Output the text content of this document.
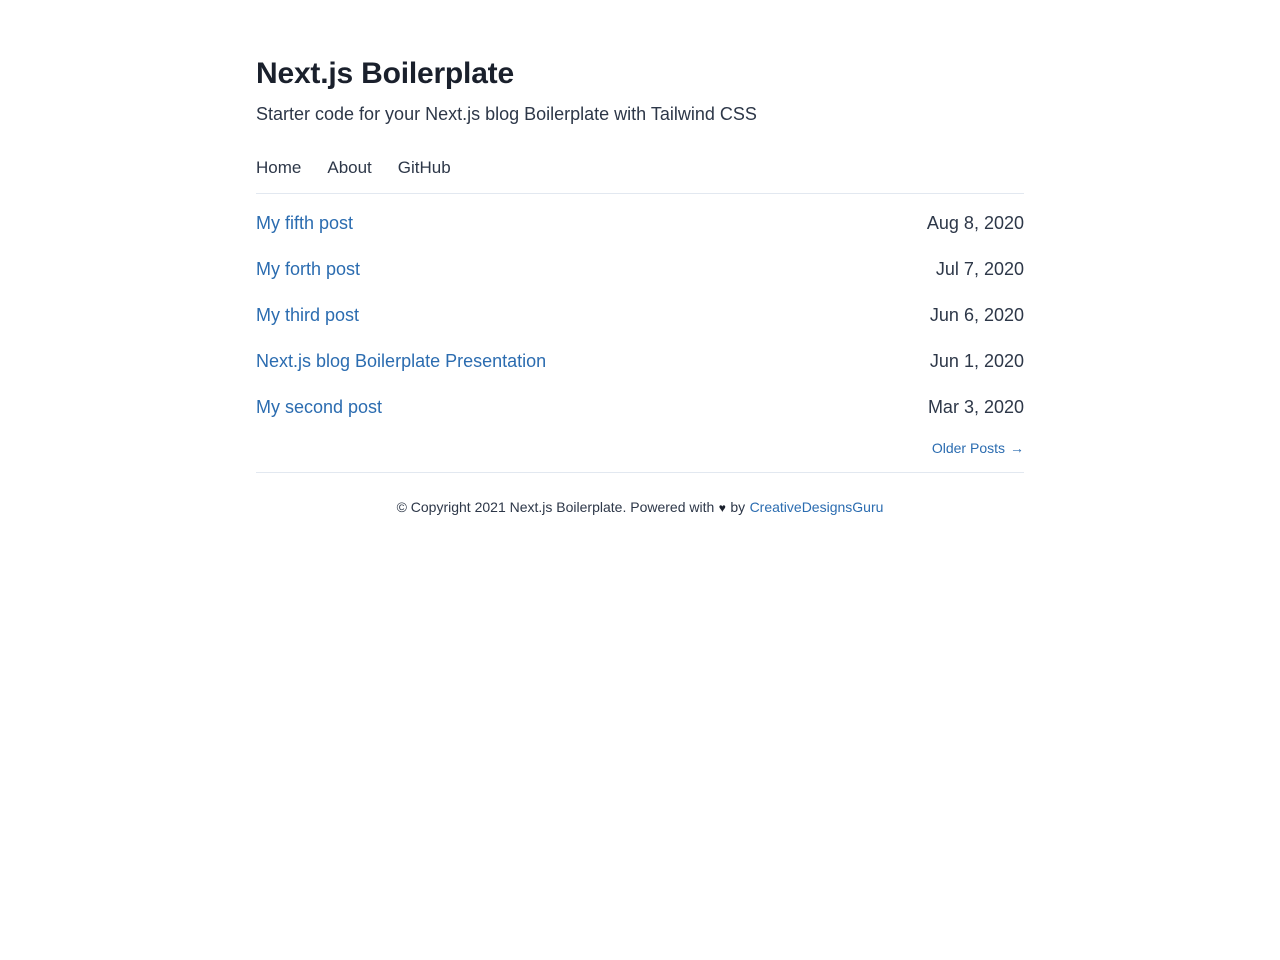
Next.js Boilerplate

Starter code for your Next.js blog Boilerplate with Tailwind CSS

Home About GitHub
My fifth post	Aug 8, 2020
My forth post	Jul 7, 2020
My third post	Jun 6, 2020
Next.js blog Boilerplate Presentation	Jun 1, 2020
My second post	Mar 3, 2020
Older Posts →
© Copyright 2021 Next.js Boilerplate. Powered with ♥ by CreativeDesignsGuru
